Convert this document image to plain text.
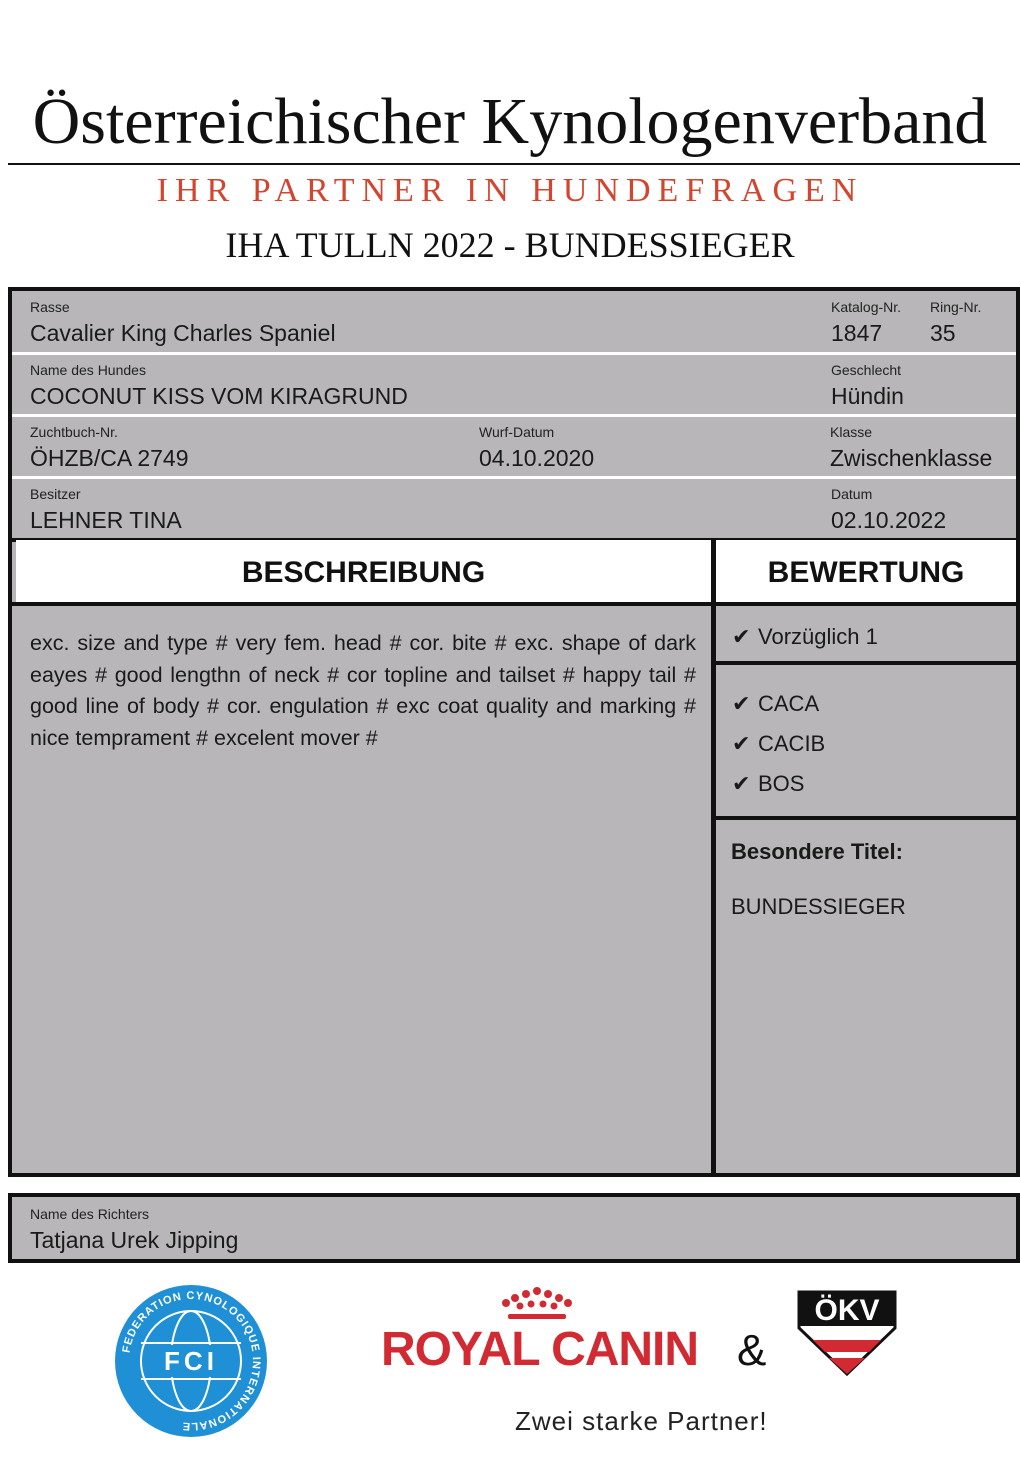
Österreichischer Kynologenverband
IHR PARTNER IN HUNDEFRAGEN
IHA TULLN 2022 - BUNDESSIEGER
Rasse
Cavalier King Charles Spaniel
Katalog-Nr.
1847
Ring-Nr.
35
Name des Hundes
COCONUT KISS VOM KIRAGRUND
Geschlecht
Hündin
Zuchtbuch-Nr.
ÖHZB/CA 2749
Wurf-Datum
04.10.2020
Klasse
Zwischenklasse
Besitzer
LEHNER TINA
Datum
02.10.2022
BESCHREIBUNG	BEWERTUNG
exc. size and type # very fem. head # cor. bite # exc. shape of dark eayes # good lengthn of neck # cor topline and tailset # happy tail # good line of body # cor. engulation # exc coat quality and marking # nice temprament # excelent mover #
✔ Vorzüglich 1
✔ CACA
✔ CACIB
✔ BOS
Besondere Titel:
BUNDESSIEGER
Name des Richters
Tatjana Urek Jipping
FCI
FEDERATION CYNOLOGIQUE INTERNATIONALE
ROYAL CANIN &
ÖKV
Zwei starke Partner!
